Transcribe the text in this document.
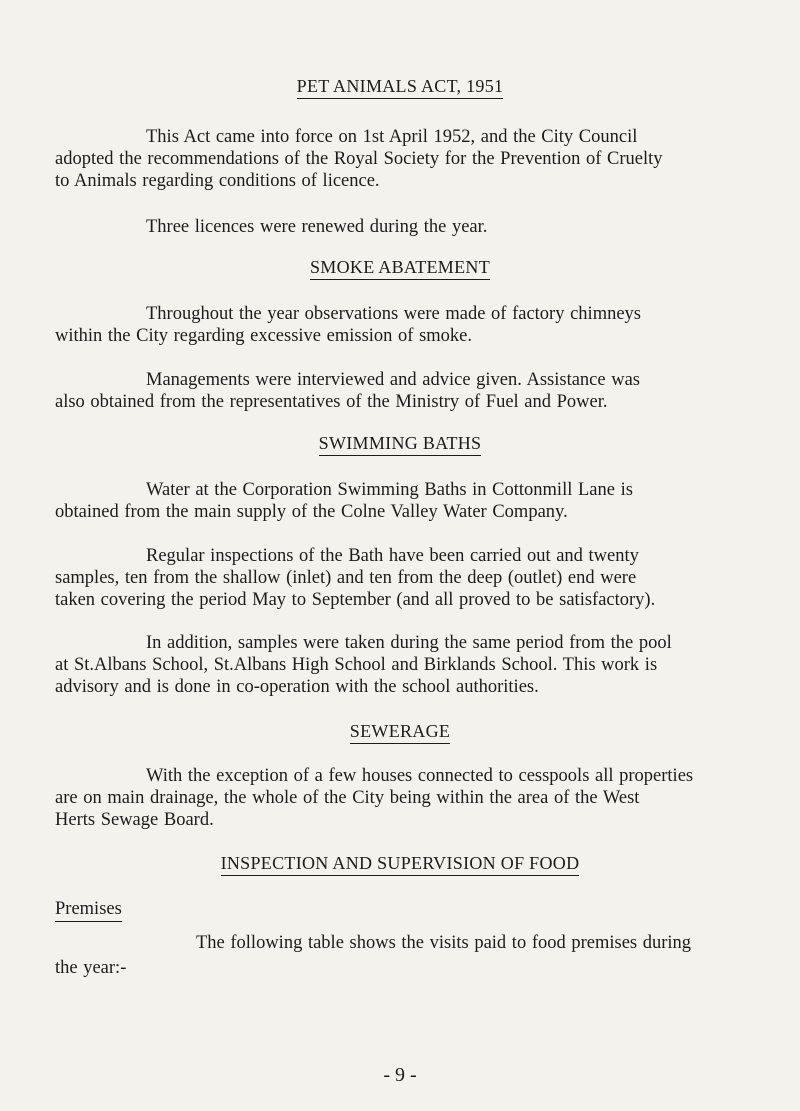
PET ANIMALS ACT, 1951
This Act came into force on 1st April 1952, and the City Council
adopted the recommendations of the Royal Society for the Prevention of Cruelty
to Animals regarding conditions of licence.
Three licences were renewed during the year.
SMOKE ABATEMENT
Throughout the year observations were made of factory chimneys
within the City regarding excessive emission of smoke.
Managements were interviewed and advice given. Assistance was
also obtained from the representatives of the Ministry of Fuel and Power.
SWIMMING BATHS
Water at the Corporation Swimming Baths in Cottonmill Lane is
obtained from the main supply of the Colne Valley Water Company.
Regular inspections of the Bath have been carried out and twenty
samples, ten from the shallow (inlet) and ten from the deep (outlet) end were
taken covering the period May to September (and all proved to be satisfactory).
In addition, samples were taken during the same period from the pool
at St.Albans School, St.Albans High School and Birklands School. This work is
advisory and is done in co-operation with the school authorities.
SEWERAGE
With the exception of a few houses connected to cesspools all properties
are on main drainage, the whole of the City being within the area of the West
Herts Sewage Board.
INSPECTION AND SUPERVISION OF FOOD
Premises
The following table shows the visits paid to food premises during
the year:-
- 9 -
